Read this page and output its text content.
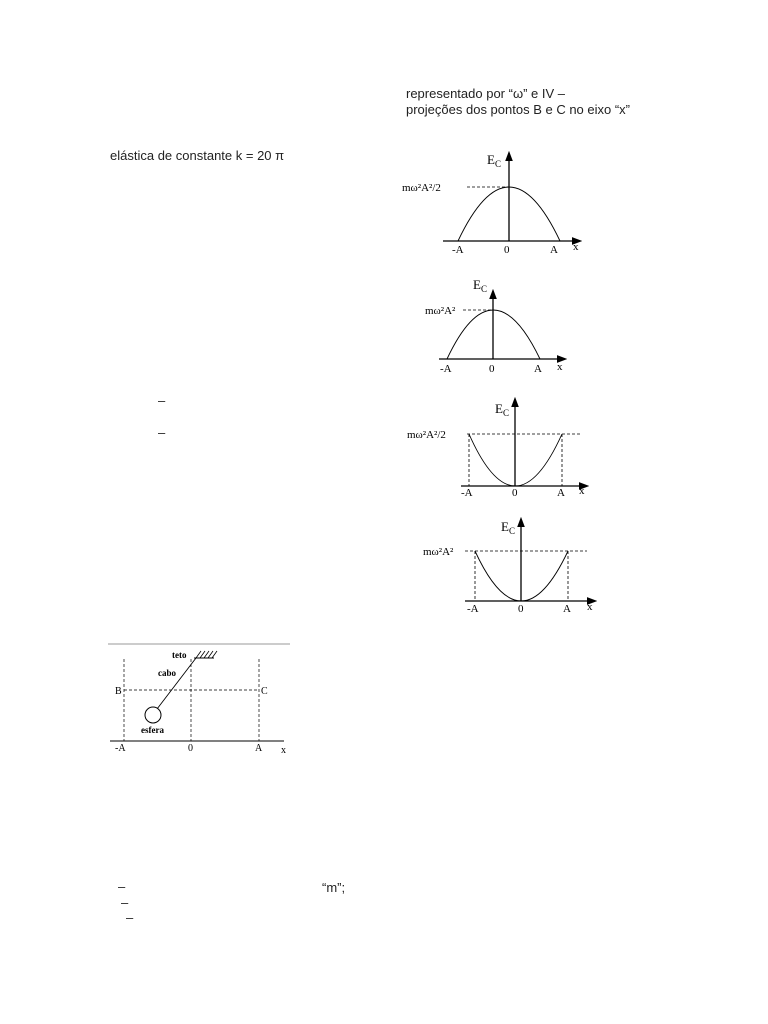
representado por “ω” e IV –
projeções dos pontos B e C no eixo “x”
elástica de constante k = 20 π
–
–
–	“m”;
–
–
$E_C$
mω²A²/2
-A	0	A x
$E_C$
mω²A²
-A	0	A x
$E_C$
mω²A²/2
-A	0	A x
$E_C$
mω²A²
-A	0	A x
teto
cabo
esfera
B	C
-A	0	A x
